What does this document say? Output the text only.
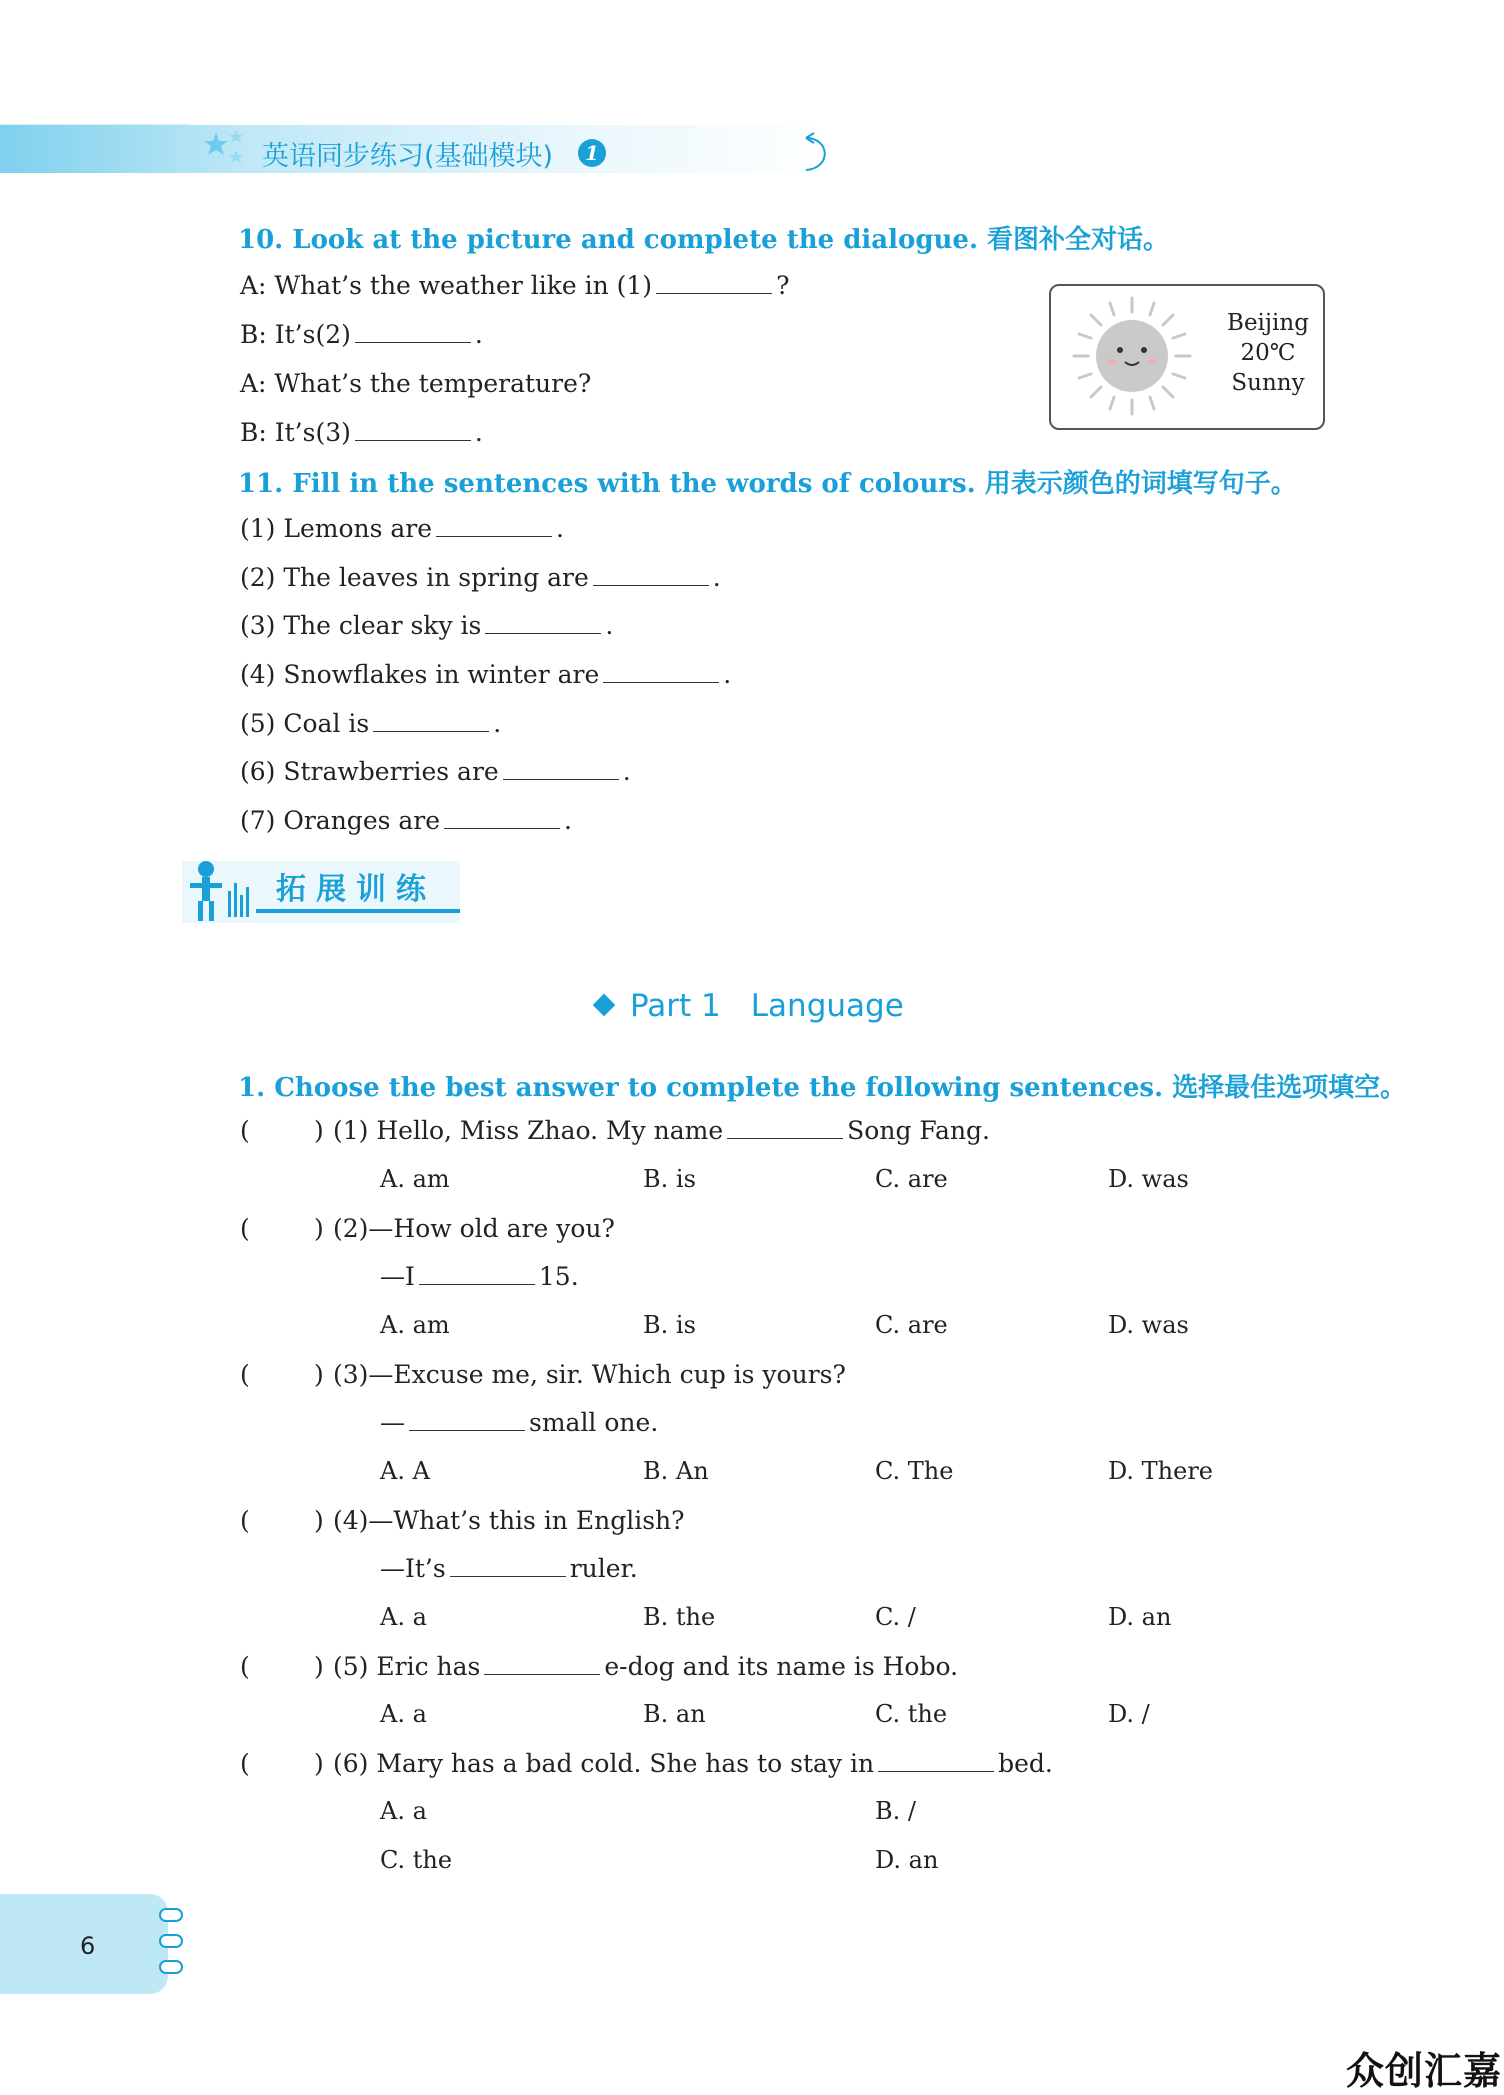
英语同步练习(基础模块)	1
10. Look at the picture and complete the dialogue. 看图补全对话。
A: What’s the weather like in (1)	?
B: It’s(2)	.
A: What’s the temperature?
B: It’s(3)	.
Beijing
20℃
Sunny
11. Fill in the sentences with the words of colours. 用表示颜色的词填写句子。
(1) Lemons are	.
(2) The leaves in spring are	.
(3) The clear sky is	.
(4) Snowflakes in winter are	.
(5) Coal is	.
(6) Strawberries are	.
(7) Oranges are	.
拓展训练
Part 1 Language
1. Choose the best answer to complete the following sentences. 选择最佳选项填空。
(	) (1) Hello, Miss Zhao. My name	Song Fang.
A. am	B. is	C. are	D. was
(	) (2)—How old are you?
—I	15.
A. am	B. is	C. are	D. was
(	) (3)—Excuse me, sir. Which cup is yours?
—	small one.
A. A	B. An	C. The	D. There
(	) (4)—What’s this in English?
—It’s	ruler.
A. a	B. the	C. /	D. an
(	) (5) Eric has	e-dog and its name is Hobo.
A. a	B. an	C. the	D. /
(	) (6) Mary has a bad cold. She has to stay in	bed.
A. a	B. /
C. the	D. an
6
众创汇嘉
